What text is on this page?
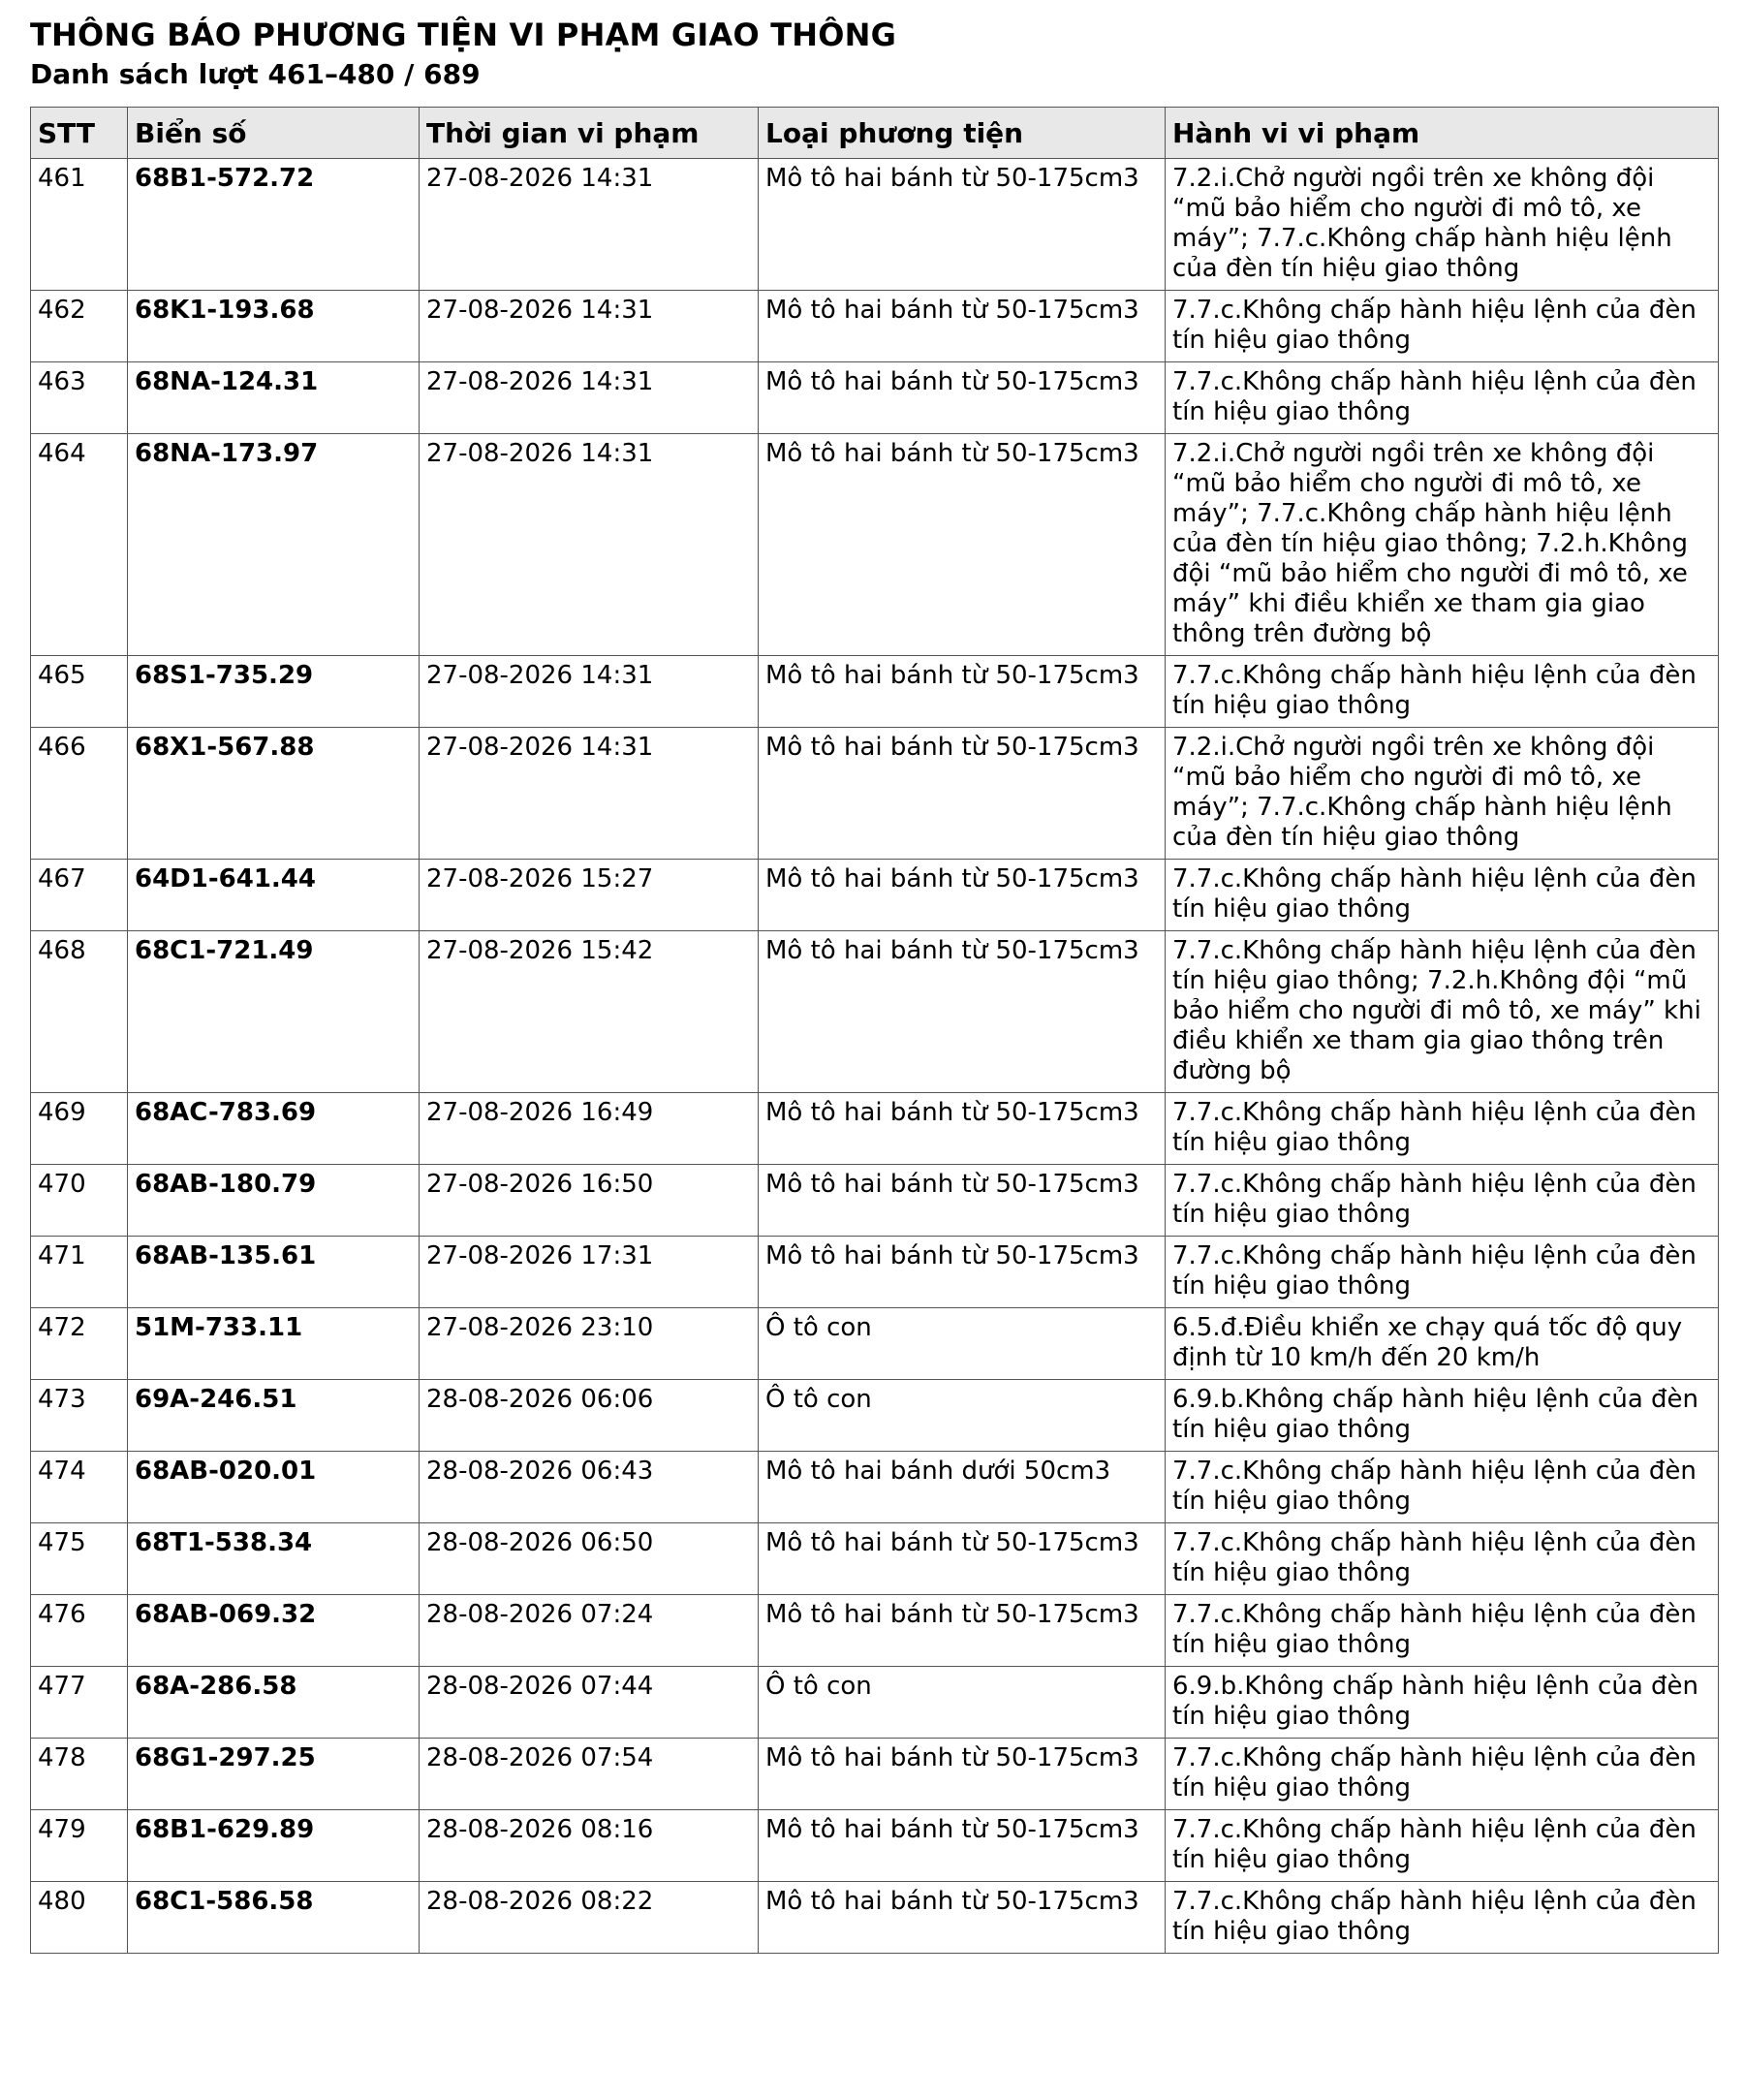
THÔNG BÁO PHƯƠNG TIỆN VI PHẠM GIAO THÔNG
Danh sách lượt 461–480 / 689
STT	Biển số	Thời gian vi phạm	Loại phương tiện	Hành vi vi phạm
461	68B1-572.72	27-08-2026 14:31	Mô tô hai bánh từ 50-175cm3	7.2.i.Chở người ngồi trên xe không đội “mũ bảo hiểm cho người đi mô tô, xe máy”; 7.7.c.Không chấp hành hiệu lệnh của đèn tín hiệu giao thông
462	68K1-193.68	27-08-2026 14:31	Mô tô hai bánh từ 50-175cm3	7.7.c.Không chấp hành hiệu lệnh của đèn tín hiệu giao thông
463	68NA-124.31	27-08-2026 14:31	Mô tô hai bánh từ 50-175cm3	7.7.c.Không chấp hành hiệu lệnh của đèn tín hiệu giao thông
464	68NA-173.97	27-08-2026 14:31	Mô tô hai bánh từ 50-175cm3	7.2.i.Chở người ngồi trên xe không đội “mũ bảo hiểm cho người đi mô tô, xe máy”; 7.7.c.Không chấp hành hiệu lệnh của đèn tín hiệu giao thông; 7.2.h.Không đội “mũ bảo hiểm cho người đi mô tô, xe máy” khi điều khiển xe tham gia giao thông trên đường bộ
465	68S1-735.29	27-08-2026 14:31	Mô tô hai bánh từ 50-175cm3	7.7.c.Không chấp hành hiệu lệnh của đèn tín hiệu giao thông
466	68X1-567.88	27-08-2026 14:31	Mô tô hai bánh từ 50-175cm3	7.2.i.Chở người ngồi trên xe không đội “mũ bảo hiểm cho người đi mô tô, xe máy”; 7.7.c.Không chấp hành hiệu lệnh của đèn tín hiệu giao thông
467	64D1-641.44	27-08-2026 15:27	Mô tô hai bánh từ 50-175cm3	7.7.c.Không chấp hành hiệu lệnh của đèn tín hiệu giao thông
468	68C1-721.49	27-08-2026 15:42	Mô tô hai bánh từ 50-175cm3	7.7.c.Không chấp hành hiệu lệnh của đèn tín hiệu giao thông; 7.2.h.Không đội “mũ bảo hiểm cho người đi mô tô, xe máy” khi điều khiển xe tham gia giao thông trên đường bộ
469	68AC-783.69	27-08-2026 16:49	Mô tô hai bánh từ 50-175cm3	7.7.c.Không chấp hành hiệu lệnh của đèn tín hiệu giao thông
470	68AB-180.79	27-08-2026 16:50	Mô tô hai bánh từ 50-175cm3	7.7.c.Không chấp hành hiệu lệnh của đèn tín hiệu giao thông
471	68AB-135.61	27-08-2026 17:31	Mô tô hai bánh từ 50-175cm3	7.7.c.Không chấp hành hiệu lệnh của đèn tín hiệu giao thông
472	51M-733.11	27-08-2026 23:10	Ô tô con	6.5.đ.Điều khiển xe chạy quá tốc độ quy định từ 10 km/h đến 20 km/h
473	69A-246.51	28-08-2026 06:06	Ô tô con	6.9.b.Không chấp hành hiệu lệnh của đèn tín hiệu giao thông
474	68AB-020.01	28-08-2026 06:43	Mô tô hai bánh dưới 50cm3	7.7.c.Không chấp hành hiệu lệnh của đèn tín hiệu giao thông
475	68T1-538.34	28-08-2026 06:50	Mô tô hai bánh từ 50-175cm3	7.7.c.Không chấp hành hiệu lệnh của đèn tín hiệu giao thông
476	68AB-069.32	28-08-2026 07:24	Mô tô hai bánh từ 50-175cm3	7.7.c.Không chấp hành hiệu lệnh của đèn tín hiệu giao thông
477	68A-286.58	28-08-2026 07:44	Ô tô con	6.9.b.Không chấp hành hiệu lệnh của đèn tín hiệu giao thông
478	68G1-297.25	28-08-2026 07:54	Mô tô hai bánh từ 50-175cm3	7.7.c.Không chấp hành hiệu lệnh của đèn tín hiệu giao thông
479	68B1-629.89	28-08-2026 08:16	Mô tô hai bánh từ 50-175cm3	7.7.c.Không chấp hành hiệu lệnh của đèn tín hiệu giao thông
480	68C1-586.58	28-08-2026 08:22	Mô tô hai bánh từ 50-175cm3	7.7.c.Không chấp hành hiệu lệnh của đèn tín hiệu giao thông
